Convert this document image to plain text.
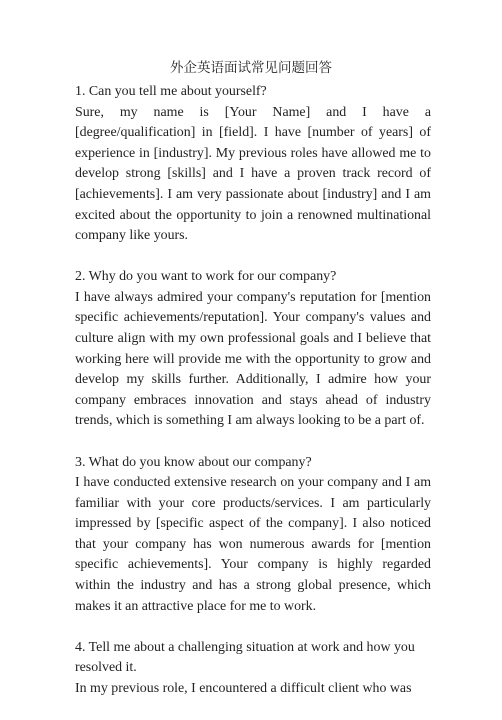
外企英语面试常见问题回答

1. Can you tell me about yourself?

Sure, my name is [Your Name] and I have a [degree/qualification] in [field]. I have [number of years] of experience in [industry]. My previous roles have allowed me to develop strong [skills] and I have a proven track record of [achievements]. I am very passionate about [industry] and I am excited about the opportunity to join a renowned multinational company like yours.

2. Why do you want to work for our company?

I have always admired your company's reputation for [mention specific achievements/reputation]. Your company's values and culture align with my own professional goals and I believe that working here will provide me with the opportunity to grow and develop my skills further. Additionally, I admire how your company embraces innovation and stays ahead of industry trends, which is something I am always looking to be a part of.

3. What do you know about our company?

I have conducted extensive research on your company and I am familiar with your core products/services. I am particularly impressed by [specific aspect of the company]. I also noticed that your company has won numerous awards for [mention specific achievements]. Your company is highly regarded within the industry and has a strong global presence, which makes it an attractive place for me to work.

4. Tell me about a challenging situation at work and how you resolved it.

In my previous role, I encountered a difficult client who was
